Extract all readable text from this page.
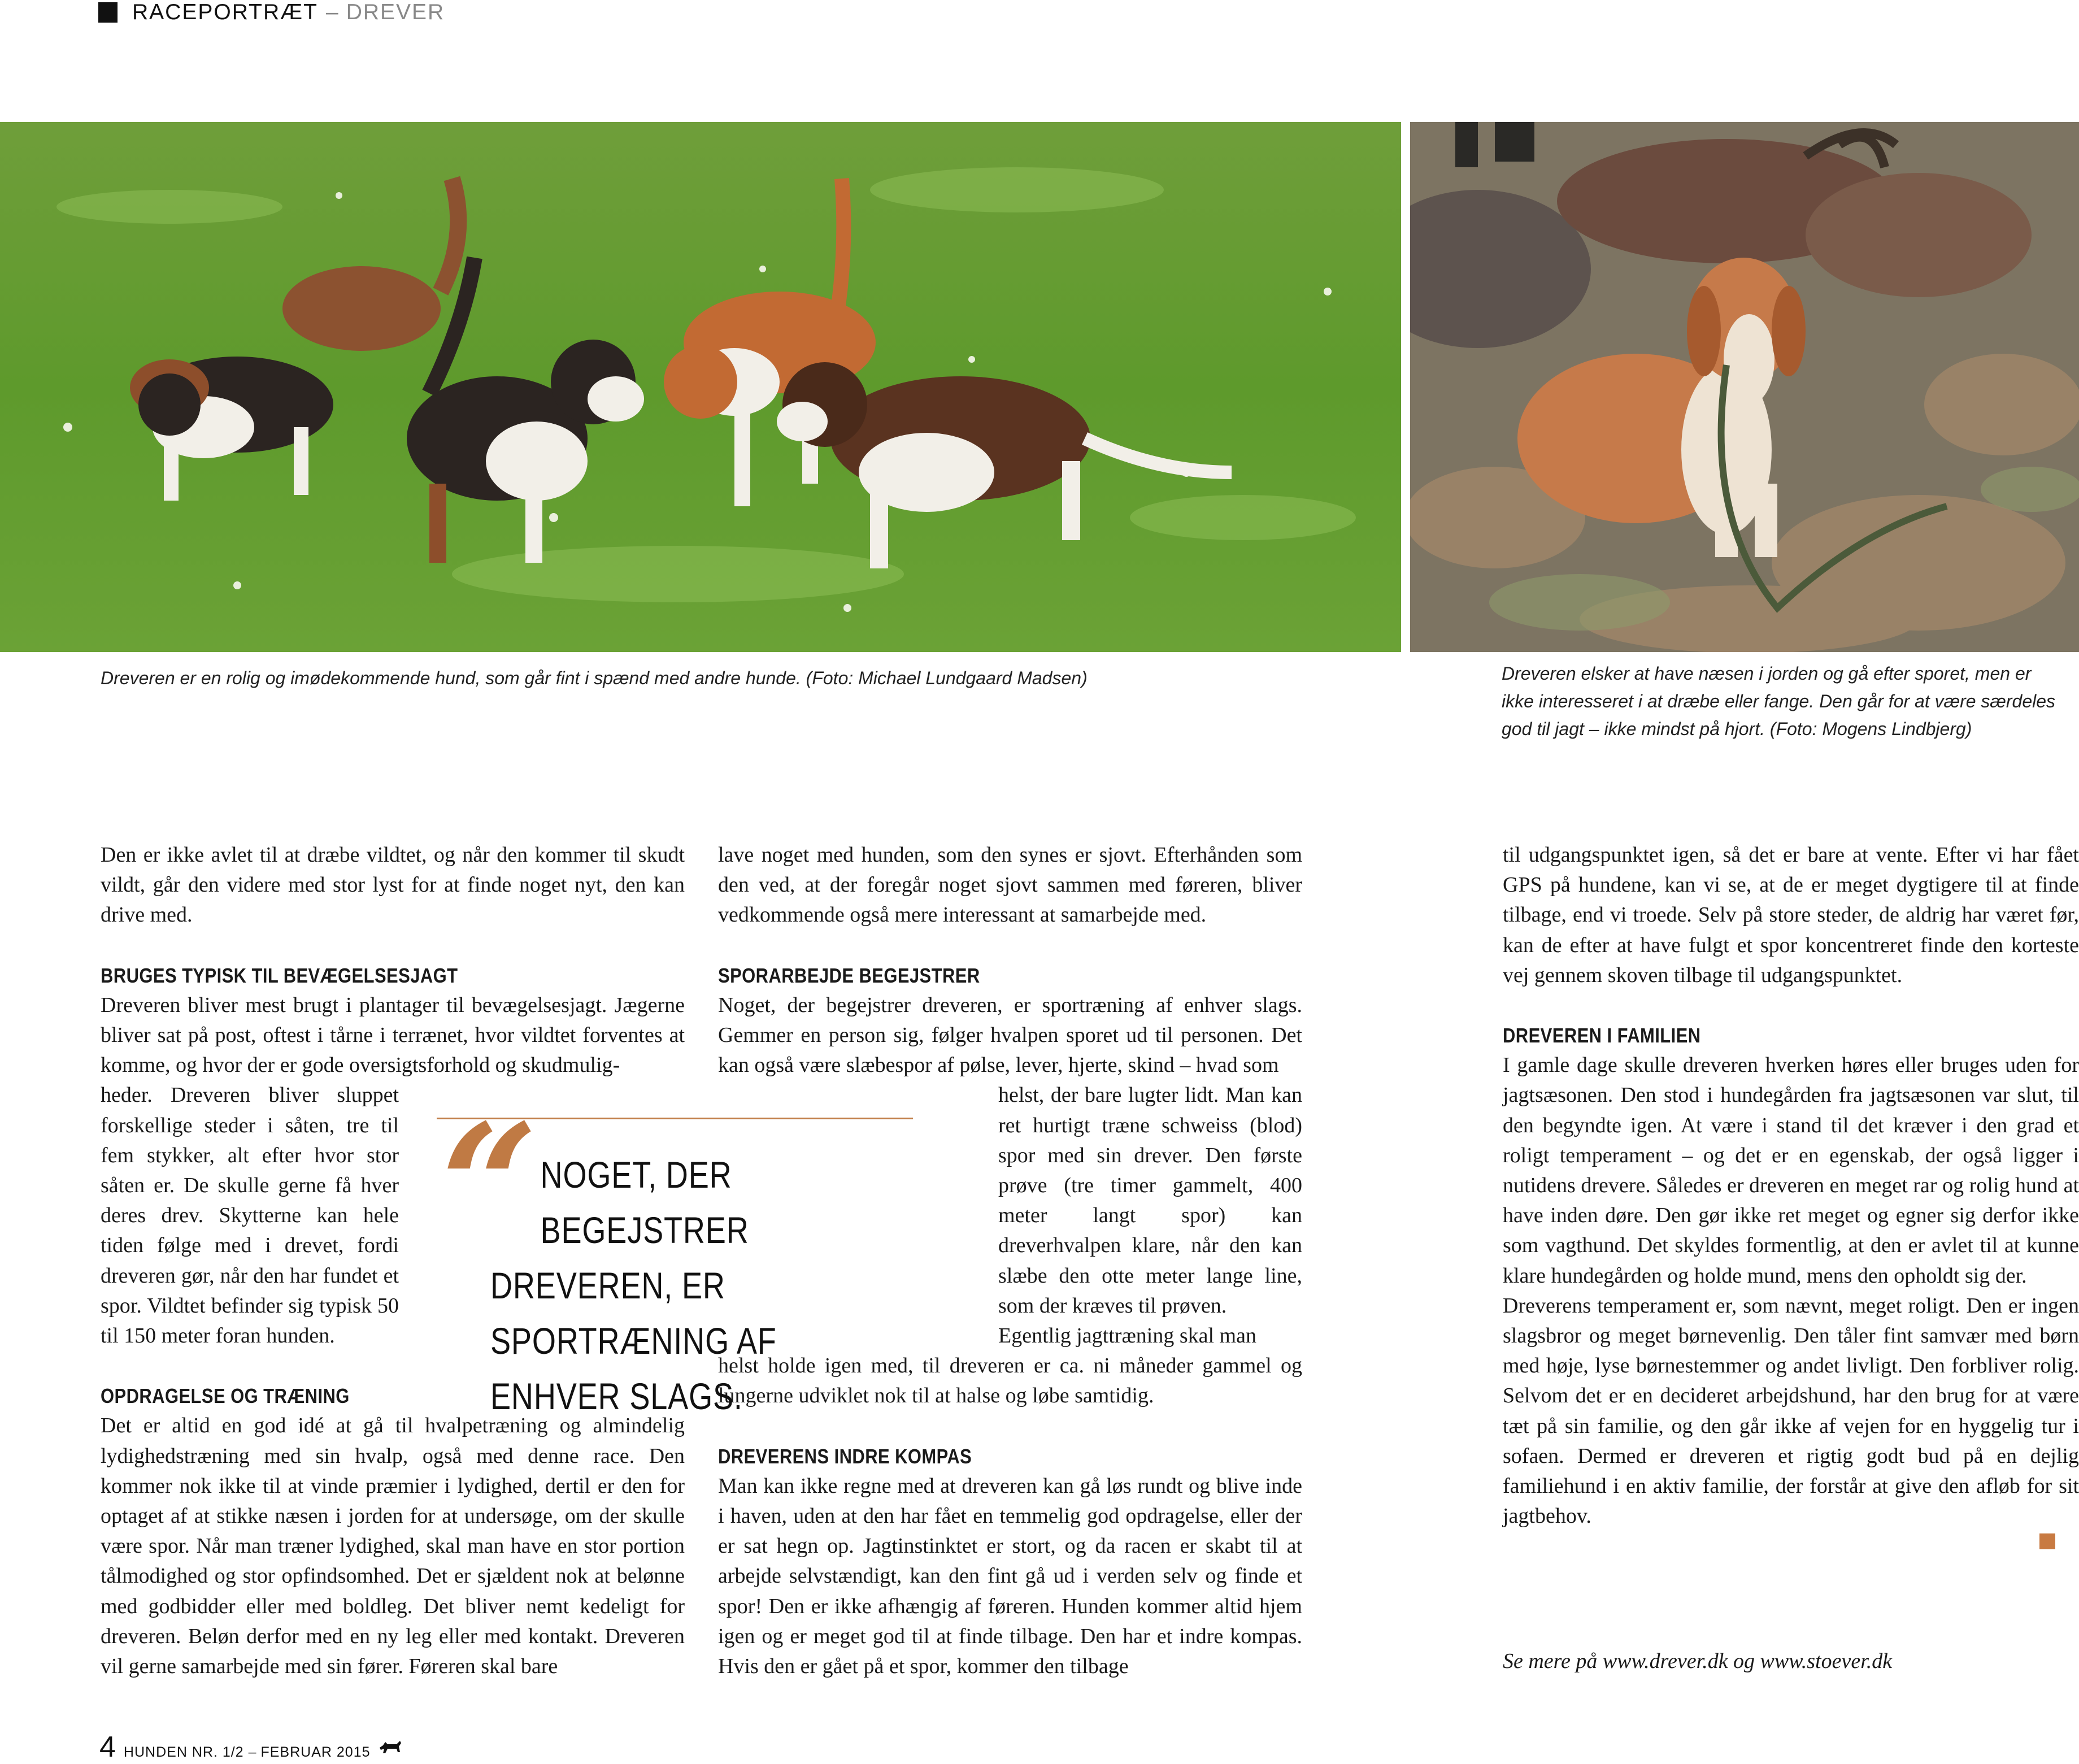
RACEPORTRÆT – DREVER
Dreveren er en rolig og imødekommende hund, som går fint i spænd med andre hunde. (Foto: Michael Lundgaard Madsen)	Dreveren elsker at have næsen i jorden og gå efter sporet, men er
ikke interesseret i at dræbe eller fange. Den går for at være særdeles
god til jagt – ikke mindst på hjort. (Foto: Mogens Lindbjerg)

Den er ikke avlet til at dræbe vildtet, og når den kommer til skudt vildt, går den videre med stor lyst for at finde noget nyt, den kan drive med.

BRUGES TYPISK TIL BEVÆGELSESJAGT

Dreveren bliver mest brugt i plantager til bevægelsesjagt. Jægerne bliver sat på post, oftest i tårne i terrænet, hvor vildtet forventes at komme, og hvor der er gode oversigtsforhold og skudmulig-

heder. Dreveren bliver sluppet forskellige steder i såten, tre til fem stykker, alt efter hvor stor såten er. De skulle gerne få hver deres drev. Skytterne kan hele tiden følge med i drevet, fordi dreveren gør, når den har fundet et spor. Vildtet befinder sig typisk 50 til 150 meter foran hunden.

OPDRAGELSE OG TRÆNING

Det er altid en god idé at gå til hvalpetræning og almindelig lydighedstræning med sin hvalp, også med denne race. Den kommer nok ikke til at vinde præmier i lydighed, dertil er den for optaget af at stikke næsen i jorden for at undersøge, om der skulle være spor. Når man træner lydighed, skal man have en stor portion tålmodighed og stor opfindsomhed. Det er sjældent nok at belønne med godbidder eller med boldleg. Det bliver nemt kedeligt for dreveren. Beløn derfor med en ny leg eller med kontakt. Dreveren vil gerne samarbejde med sin fører. Føreren skal bare

lave noget med hunden, som den synes er sjovt. Efterhånden som den ved, at der foregår noget sjovt sammen med føreren, bliver vedkommende også mere interessant at samarbejde med.

SPORARBEJDE BEGEJSTRER

Noget, der begejstrer dreveren, er sportræning af enhver slags. Gemmer en person sig, følger hvalpen sporet ud til personen. Det kan også være slæbespor af pølse, lever, hjerte, skind – hvad som

helst, der bare lugter lidt. Man kan ret hurtigt træne schweiss (blod) spor med sin drever. Den første prøve (tre timer gammelt, 400 meter langt spor) kan dreverhvalpen klare, når den kan slæbe den otte meter lange line, som der kræves til prøven.

Egentlig jagttræning skal man

helst holde igen med, til dreveren er ca. ni måneder gammel og lungerne udviklet nok til at halse og løbe samtidig.

DREVERENS INDRE KOMPAS

Man kan ikke regne med at dreveren kan gå løs rundt og blive inde i haven, uden at den har fået en temmelig god opdragelse, eller der er sat hegn op. Jagtinstinktet er stort, og da racen er skabt til at arbejde selvstændigt, kan den fint gå ud i verden selv og finde et spor! Den er ikke afhængig af føreren. Hunden kommer altid hjem igen og er meget god til at finde tilbage. Den har et indre kompas. Hvis den er gået på et spor, kommer den tilbage

til udgangspunktet igen, så det er bare at vente. Efter vi har fået GPS på hundene, kan vi se, at de er meget dygtigere til at finde tilbage, end vi troede. Selv på store steder, de aldrig har været før, kan de efter at have fulgt et spor koncentreret finde den korteste vej gennem skoven tilbage til udgangspunktet.

DREVEREN I FAMILIEN

I gamle dage skulle dreveren hverken høres eller bruges uden for jagtsæsonen. Den stod i hundegården fra jagtsæsonen var slut, til den begyndte igen. At være i stand til det kræver i den grad et roligt temperament – og det er en egenskab, der også ligger i nutidens drevere. Således er dreveren en meget rar og rolig hund at have inden døre. Den gør ikke ret meget og egner sig derfor ikke som vagthund. Det skyldes formentlig, at den er avlet til at kunne klare hundegården og holde mund, mens den opholdt sig der.

Dreverens temperament er, som nævnt, meget roligt. Den er ingen slagsbror og meget børnevenlig. Den tåler fint samvær med børn med høje, lyse børnestemmer og andet livligt. Den forbliver rolig. Selvom det er en decideret arbejdshund, har den brug for at være tæt på sin familie, og den går ikke af vejen for en hyggelig tur i sofaen. Dermed er dreveren et rigtig godt bud på en dejlig familiehund i en aktiv familie, der forstår at give den afløb for sit jagtbehov.

Se mere på www.drever.dk og www.stoever.dk
“ NOGET, DER BEGEJSTRER
DREVEREN, ER SPORTRÆNING AF
ENHVER SLAGS.
4 HUNDEN NR. 1/2 – FEBRUAR 2015
